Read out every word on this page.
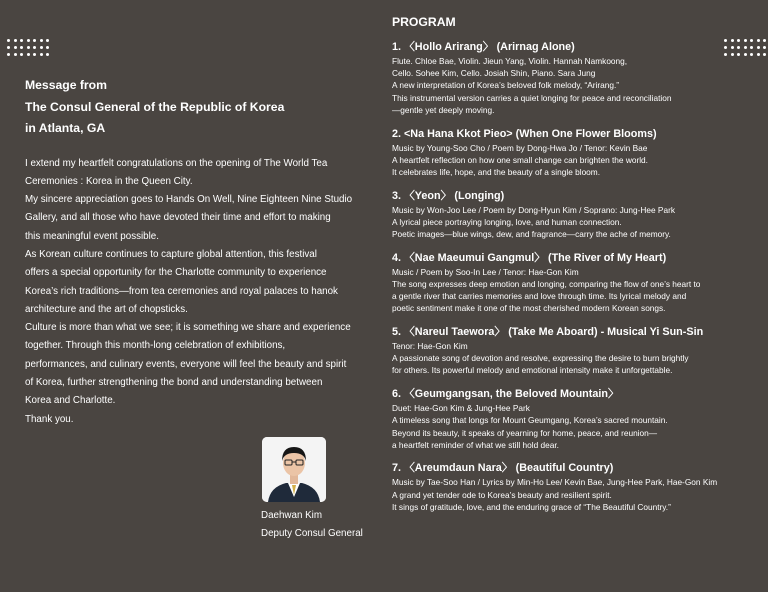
Message from
The Consul General of the Republic of Korea
in Atlanta, GA

I extend my heartfelt congratulations on the opening of The World Tea

Ceremonies : Korea in the Queen City.

My sincere appreciation goes to Hands On Well, Nine Eighteen Nine Studio

Gallery, and all those who have devoted their time and effort to making

this meaningful event possible.

As Korean culture continues to capture global attention, this festival

offers a special opportunity for the Charlotte community to experience

Korea’s rich traditions—from tea ceremonies and royal palaces to hanok

architecture and the art of chopsticks.

Culture is more than what we see; it is something we share and experience

together. Through this month-long celebration of exhibitions,

performances, and culinary events, everyone will feel the beauty and spirit

of Korea, further strengthening the bond and understanding between

Korea and Charlotte.

Thank you.

Daehwan Kim
Deputy Consul General
PROGRAM
1. 〈Hollo Arirang〉 (Arirnag Alone)
Flute. Chloe Bae, Violin. Jieun Yang, Violin. Hannah Namkoong,
Cello. Sohee Kim, Cello. Josiah Shin, Piano. Sara Jung
A new interpretation of Korea’s beloved folk melody, “Arirang.”
This instrumental version carries a quiet longing for peace and reconciliation
—gentle yet deeply moving.
2. <Na Hana Kkot Pieo> (When One Flower Blooms)
Music by Young-Soo Cho / Poem by Dong-Hwa Jo / Tenor: Kevin Bae
A heartfelt reflection on how one small change can brighten the world.
It celebrates life, hope, and the beauty of a single bloom.
3. 〈Yeon〉 (Longing)
Music by Won-Joo Lee / Poem by Dong-Hyun Kim / Soprano: Jung-Hee Park
A lyrical piece portraying longing, love, and human connection.
Poetic images—blue wings, dew, and fragrance—carry the ache of memory.
4. 〈Nae Maeumui Gangmul〉 (The River of My Heart)
Music / Poem by Soo-In Lee / Tenor: Hae-Gon Kim
The song expresses deep emotion and longing, comparing the flow of one’s heart to
a gentle river that carries memories and love through time. Its lyrical melody and
poetic sentiment make it one of the most cherished modern Korean songs.
5. 〈Nareul Taewora〉 (Take Me Aboard) - Musical Yi Sun-Sin
Tenor: Hae-Gon Kim
A passionate song of devotion and resolve, expressing the desire to burn brightly
for others. Its powerful melody and emotional intensity make it unforgettable.
6. 〈Geumgangsan, the Beloved Mountain〉
Duet: Hae-Gon Kim & Jung-Hee Park
A timeless song that longs for Mount Geumgang, Korea’s sacred mountain.
Beyond its beauty, it speaks of yearning for home, peace, and reunion—
a heartfelt reminder of what we still hold dear.
7. 〈Areumdaun Nara〉 (Beautiful Country)
Music by Tae-Soo Han / Lyrics by Min-Ho Lee/ Kevin Bae, Jung-Hee Park, Hae-Gon Kim
A grand yet tender ode to Korea’s beauty and resilient spirit.
It sings of gratitude, love, and the enduring grace of “The Beautiful Country.”
